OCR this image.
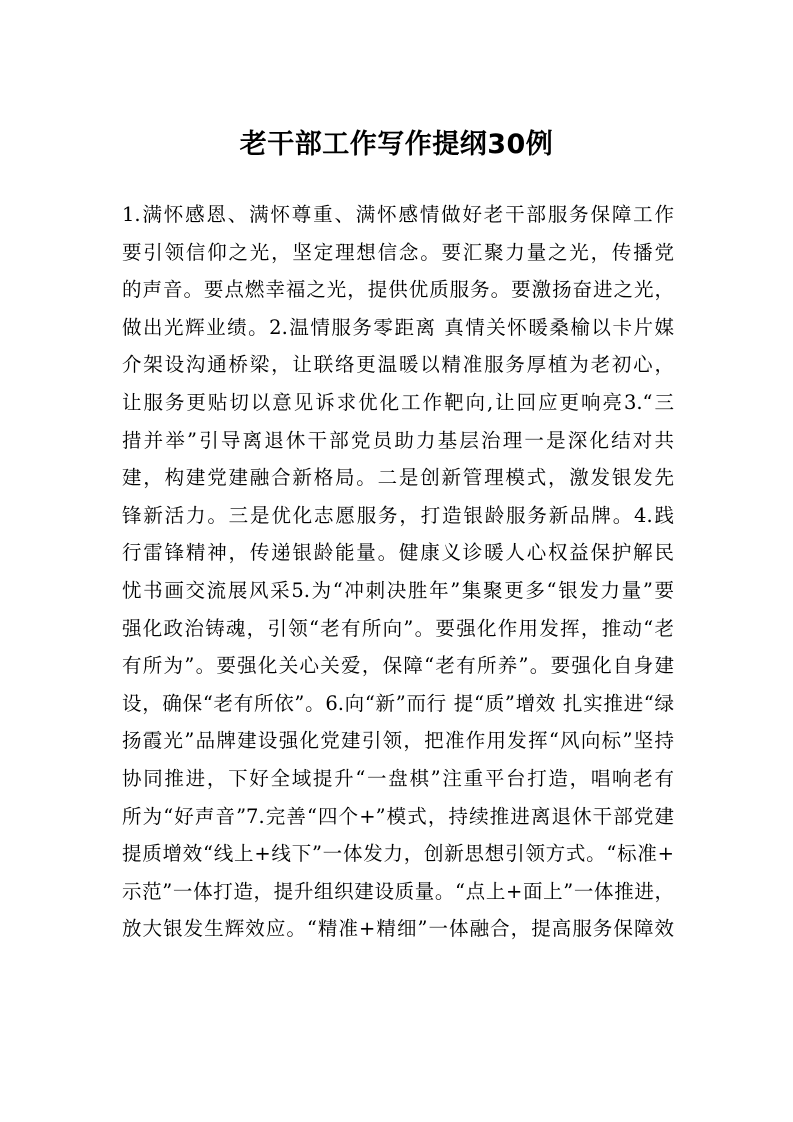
老干部工作写作提纲30例
1.满怀感恩、满怀尊重、满怀感情做好老干部服务保障工作
要引领信仰之光，坚定理想信念。要汇聚力量之光，传播党
的声音。要点燃幸福之光，提供优质服务。要激扬奋进之光，
做出光辉业绩。2.温情服务零距离 真情关怀暖桑榆以卡片媒
介架设沟通桥梁，让联络更温暖以精准服务厚植为老初心，
让服务更贴切以意见诉求优化工作靶向,让回应更响亮3.“三
措并举”引导离退休干部党员助力基层治理一是深化结对共
建，构建党建融合新格局。二是创新管理模式，激发银发先
锋新活力。三是优化志愿服务，打造银龄服务新品牌。4.践
行雷锋精神，传递银龄能量。健康义诊暖人心权益保护解民
忧书画交流展风采5.为“冲刺决胜年”集聚更多“银发力量”要
强化政治铸魂，引领“老有所向”。要强化作用发挥，推动“老
有所为”。要强化关心关爱，保障“老有所养”。要强化自身建
设，确保“老有所依”。6.向“新”而行 提“质”增效 扎实推进“绿
扬霞光”品牌建设强化党建引领，把准作用发挥“风向标”坚持
协同推进，下好全域提升“一盘棋”注重平台打造，唱响老有
所为“好声音”7.完善“四个+”模式，持续推进离退休干部党建
提质增效“线上+线下”一体发力，创新思想引领方式。“标准+
示范”一体打造，提升组织建设质量。“点上+面上”一体推进，
放大银发生辉效应。“精准+精细”一体融合，提高服务保障效
